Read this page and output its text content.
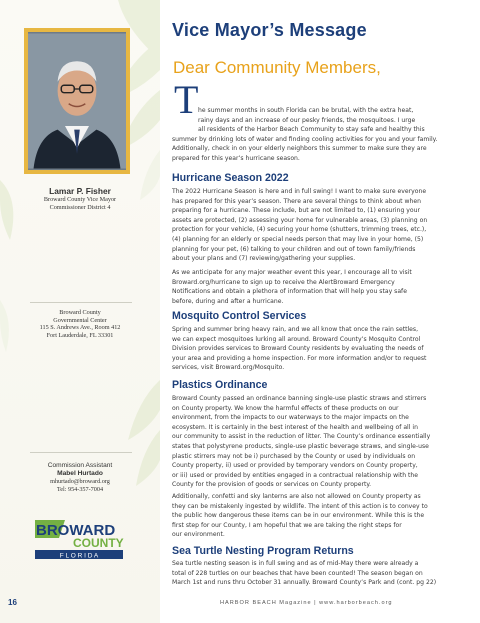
Lamar P. Fisher
Broward County Vice Mayor
Commissioner District 4
Broward County
Governmental Center
115 S. Andrews Ave., Room 412
Fort Lauderdale, FL 33301
Commission Assistant
Mabel Hurtado
mhurtado@broward.org
Tel: 954-357-7004
BROWARD
COUNTY
F L O R I D A
16	HARBOR BEACH Magazine | www.harborbeach.org
Vice Mayor’s Message
Dear Community Members,
T he summer months in south Florida can be brutal, with the extra heat,
rainy days and an increase of our pesky friends, the mosquitoes. I urge
all residents of the Harbor Beach Community to stay safe and healthy this
summer by drinking lots of water and finding cooling activities for you and your family.
Additionally, check in on your elderly neighbors this summer to make sure they are
prepared for this year’s hurricane season.
Hurricane Season 2022
The 2022 Hurricane Season is here and in full swing! I want to make sure everyone
has prepared for this year’s season. There are several things to think about when
preparing for a hurricane. These include, but are not limited to, (1) ensuring your
assets are protected, (2) assessing your home for vulnerable areas, (3) planning on
protection for your vehicle, (4) securing your home (shutters, trimming trees, etc.),
(4) planning for an elderly or special needs person that may live in your home, (5)
planning for your pet, (6) talking to your children and out of town family/friends
about your plans and (7) reviewing/gathering your supplies.
As we anticipate for any major weather event this year, I encourage all to visit
Broward.org/hurricane to sign up to receive the AlertBroward Emergency
Notifications and obtain a plethora of information that will help you stay safe
before, during and after a hurricane.
Mosquito Control Services
Spring and summer bring heavy rain, and we all know that once the rain settles,
we can expect mosquitoes lurking all around. Broward County’s Mosquito Control
Division provides services to Broward County residents by evaluating the needs of
your area and providing a home inspection. For more information and/or to request
services, visit Broward.org/Mosquito.
Plastics Ordinance
Broward County passed an ordinance banning single-use plastic straws and stirrers
on County property. We know the harmful effects of these products on our
environment, from the impacts to our waterways to the major impacts on the
ecosystem. It is certainly in the best interest of the health and wellbeing of all in
our community to assist in the reduction of litter. The County’s ordinance essentially
states that polystyrene products, single-use plastic beverage straws, and single-use
plastic stirrers may not be i) purchased by the County or used by individuals on
County property, ii) used or provided by temporary vendors on County property,
or iii) used or provided by entities engaged in a contractual relationship with the
County for the provision of goods or services on County property.
Additionally, confetti and sky lanterns are also not allowed on County property as
they can be mistakenly ingested by wildlife. The intent of this action is to convey to
the public how dangerous these items can be in our environment. While this is the
first step for our County, I am hopeful that we are taking the right steps for
our environment.
Sea Turtle Nesting Program Returns
Sea turtle nesting season is in full swing and as of mid-May there were already a
total of 228 turtles on our beaches that have been counted! The season began on
March 1st and runs thru October 31 annually. Broward County’s Park and (cont. pg 22)
